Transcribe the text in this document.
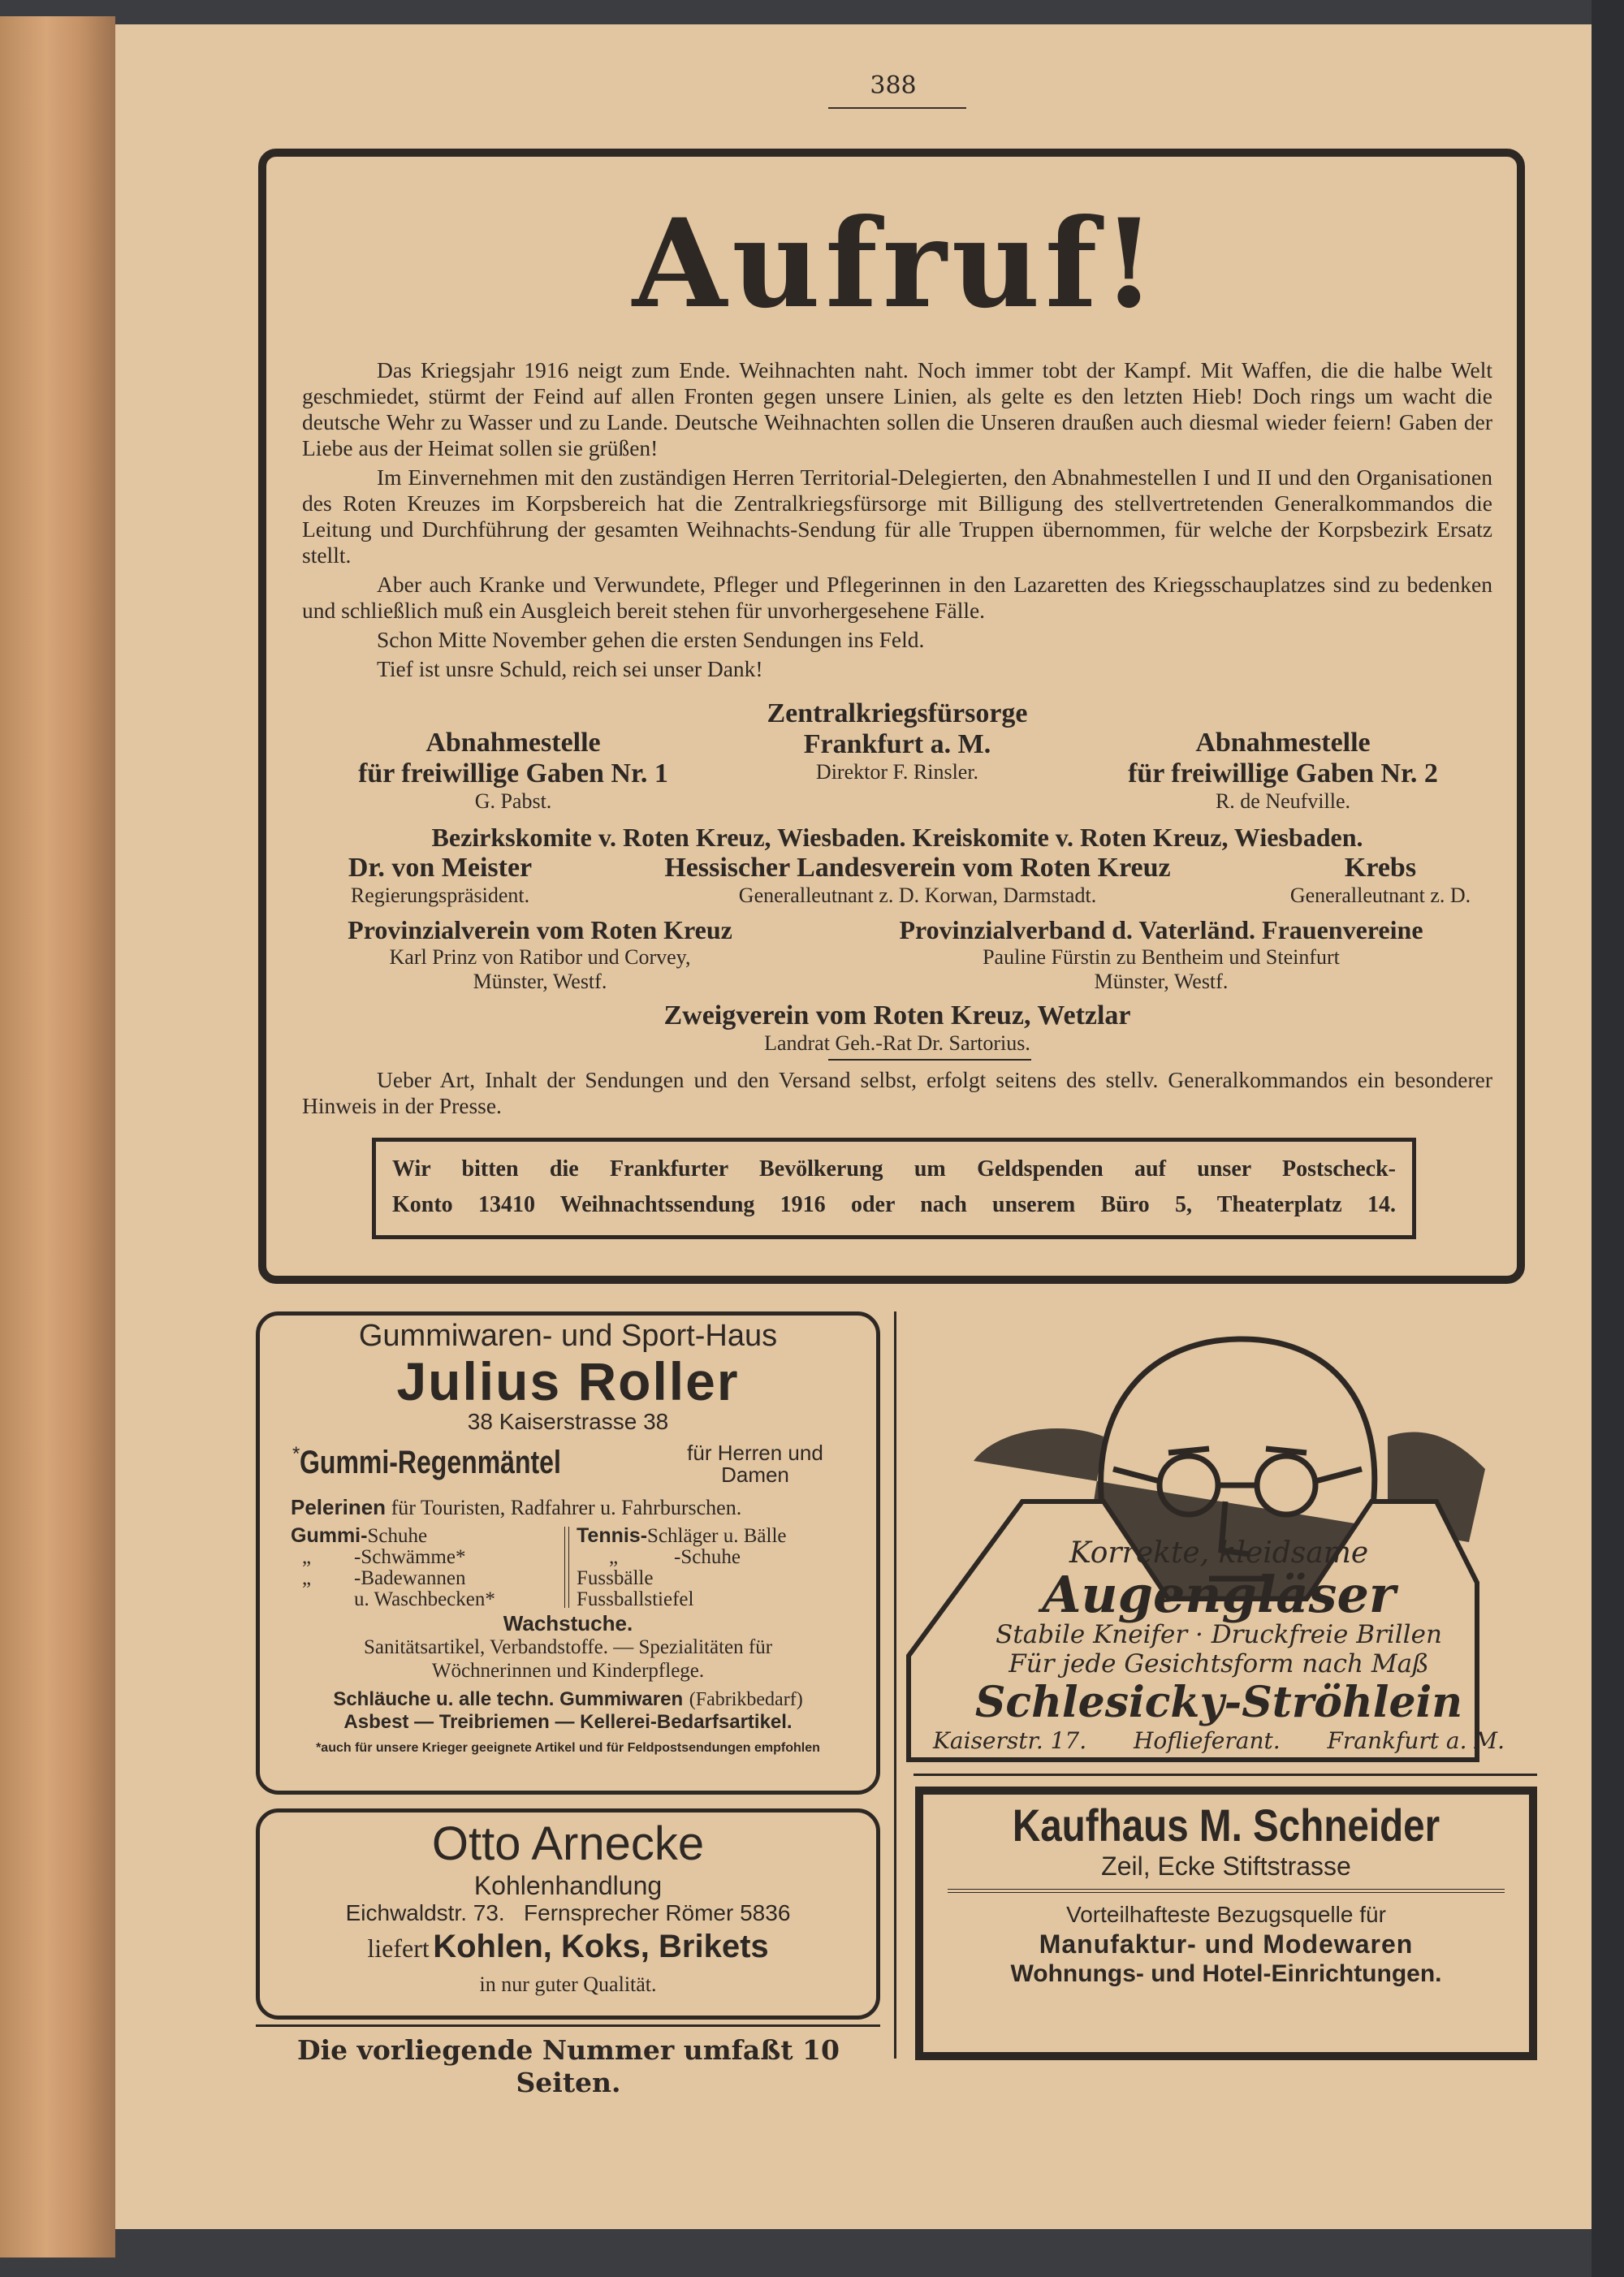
388
Aufruf!

Das Kriegsjahr 1916 neigt zum Ende. Weihnachten naht. Noch immer tobt der Kampf. Mit Waffen, die die halbe Welt geschmiedet, stürmt der Feind auf allen Fronten gegen unsere Linien, als gelte es den letzten Hieb! Doch rings um wacht die deutsche Wehr zu Wasser und zu Lande. Deutsche Weihnachten sollen die Unseren draußen auch diesmal wieder feiern! Gaben der Liebe aus der Heimat sollen sie grüßen!

Im Einvernehmen mit den zuständigen Herren Territorial-Delegierten, den Abnahmestellen I und II und den Organisationen des Roten Kreuzes im Korpsbereich hat die Zentralkriegsfürsorge mit Billigung des stellvertretenden Generalkommandos die Leitung und Durchführung der gesamten Weihnachts-Sendung für alle Truppen übernommen, für welche der Korpsbezirk Ersatz stellt.

Aber auch Kranke und Verwundete, Pfleger und Pflegerinnen in den Lazaretten des Kriegsschauplatzes sind zu bedenken und schließlich muß ein Ausgleich bereit stehen für unvorhergesehene Fälle.

Schon Mitte November gehen die ersten Sendungen ins Feld.

Tief ist unsre Schuld, reich sei unser Dank!

Zentralkriegsfürsorge
Frankfurt a. M.
Direktor F. Rinsler.
Abnahmestelle
für freiwillige Gaben Nr. 1
G. Pabst.
Abnahmestelle
für freiwillige Gaben Nr. 2
R. de Neufville.
Bezirkskomite v. Roten Kreuz, Wiesbaden. Kreiskomite v. Roten Kreuz, Wiesbaden.
Dr. von Meister
Regierungspräsident.
Hessischer Landesverein vom Roten Kreuz
Generalleutnant z. D. Korwan, Darmstadt.
Krebs
Generalleutnant z. D.
Provinzialverein vom Roten Kreuz
Karl Prinz von Ratibor und Corvey,
Münster, Westf.
Provinzialverband d. Vaterländ. Frauenvereine
Pauline Fürstin zu Bentheim und Steinfurt
Münster, Westf.
Zweigverein vom Roten Kreuz, Wetzlar
Landrat Geh.-Rat Dr. Sartorius.

Ueber Art, Inhalt der Sendungen und den Versand selbst, erfolgt seitens des stellv. Generalkommandos ein besonderer Hinweis in der Presse.

Wir bitten die Frankfurter Bevölkerung um Geldspenden auf unser Postscheck-
Konto 13410 Weihnachtssendung 1916 oder nach unserem Büro 5, Theaterplatz 14.
Gummiwaren- und Sport-Haus
Julius Roller
38 Kaiserstrasse 38
*Gummi-Regenmäntel	für Herren und
Damen
Pelerinen für Touristen, Radfahrer u. Fahrburschen.
Gummi-Schuhe
„ -Schwämme*
„ -Badewannen
u. Waschbecken*
Tennis-Schläger u. Bälle
„	-Schuhe
Fussbälle
Fussballstiefel
Wachstuche.
Sanitätsartikel, Verbandstoffe. — Spezialitäten für
Wöchnerinnen und Kinderpflege.
Schläuche u. alle techn. Gummiwaren (Fabrikbedarf)
Asbest — Treibriemen — Kellerei-Bedarfsartikel.
*auch für unsere Krieger geeignete Artikel und für Feldpostsendungen empfohlen
Otto Arnecke
Kohlenhandlung
Eichwaldstr. 73.   Fernsprecher Römer 5836
liefert Kohlen, Koks, Brikets
in nur guter Qualität.
Die vorliegende Nummer umfaßt 10 Seiten.
Korrekte, kleidsame
Augengläser
Stabile Kneifer · Druckfreie Brillen
Für jede Gesichtsform nach Maß
Schlesicky-Ströhlein
Kaiserstr. 17. Hoflieferant. Frankfurt a. M.
Kaufhaus M. Schneider
Zeil, Ecke Stiftstrasse
Vorteilhafteste Bezugsquelle für
Manufaktur- und Modewaren
Wohnungs- und Hotel-Einrichtungen.
